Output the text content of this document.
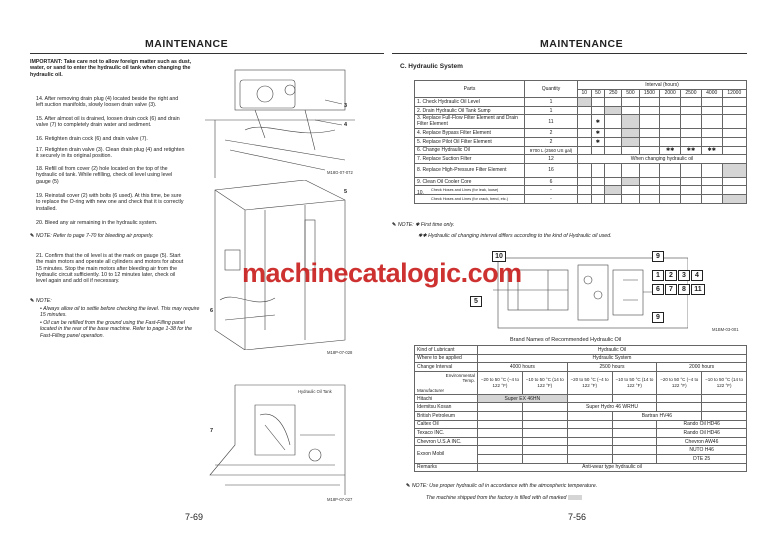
MAINTENANCE
IMPORTANT: Take care not to allow foreign matter such as dust, water, or sand to enter the hydraulic oil tank when changing the hydraulic oil.
14. After removing drain plug (4) located beside the right and left suction manifolds, slowly loosen drain valve (3).
15. After almost oil is drained, loosen drain cock (6) and drain valve (7) to completely drain water and sediment.
16. Retighten drain cock (6) and drain valve (7).
17. Retighten drain valve (3). Clean drain plug (4) and retighten it securely in its original position.
18. Refill oil from cover (2) hole located on the top of the hydraulic oil tank. While refilling, check oil level using level gauge (5)
19. Reinstall cover (2) with bolts (6 used). At this time, be sure to replace the O-ring with new one and check that it is correctly installed.
20. Bleed any air remaining in the hydraulic system.
✎ NOTE: Refer to page 7-70 for bleeding air properly.
21. Confirm that the oil level is at the mark on gauge (5). Start the main motors and operate all cylinders and motors for about 15 minutes. Stop the main motors after bleeding air from the hydraulic circuit sufficiently. 10 to 12 minutes later, check oil level again and add oil if necessary.
✎ NOTE:
• Always allow oil to settle before checking the level. This may require 15 minutes.
• Oil can be refilled from the ground using the Fast-Filling panel located in the rear of the base machine. Refer to page 1-38 for the Fast-Filling panel operation.
3
4
M18G-07-072
5
6
M18P-07-028
Hydraulic Oil Tank
7
M18P-07-027
7-69
MAINTENANCE
C. Hydraulic System
Parts	Quantity	Interval (hours)								
		10	50	250	500	1500	2000	2500	4000	12000
1. Check Hydraulic Oil Level	1									
2. Drain Hydraulic Oil Tank Sump	1									
3. Replace Full-Flow Filter Element and Drain Filter Element	11		✱							
4. Replace Bypass Filter Element	2		✱							
5. Replace Pilot Oil Filter Element	2		✱							
6. Change Hydraulic Oil	9700 L (2560 US gal)						✱✱	✱✱	✱✱	
7. Replace Suction Filter	12	When changing hydraulic oil								
8. Replace High-Pressure Filter Element	16									
9. Clean Oil Cooler Core	6									

10.
Check Hoses and Lines (for leak, loose)	-									
Check Hoses and Lines (for crack, bend, etc.)	-									
✎ NOTE: ✱ First time only.
✱✱ Hydraulic oil changing interval differs according to the kind of Hydraulic oil used.
10	9
1	2	3	4
6	7	8	11
5
9
M1BM-03-001
Brand Names of Recommended Hydraulic Oil
Kind of Lubricant	Hydraulic Oil					
Where to be applied	Hydraulic System					
Change Interval	4000 hours		2500 hours		2000 hours	

Environmental Temp.
Manufacturer	−20 to 50 °C (−4 to 122 °F)	−10 to 50 °C (14 to 122 °F)	−20 to 50 °C (−4 to 122 °F)	−10 to 50 °C (14 to 122 °F)	−20 to 50 °C (−4 to 122 °F)	−10 to 50 °C (14 to 122 °F)
Hitachi	Super EX 46HN					
Idemitsu Kosan			Super Hydro 46 WRHU			
British Petroleum				Bartran HV46		
Caltex Oil					Rando Oil HD46	
Texaco INC.					Rando Oil HD46	
Chevron U.S.A INC.					Chevron AW46	
Exxon Mobil					NUTO H46	
					DTE 25	
Remarks	Anti-wear type hydraulic oil					
✎ NOTE: Use proper hydraulic oil in accordance with the atmospheric temperature.
The machine shipped from the factory is filled with oil marked
7-56
machinecatalogic.com
